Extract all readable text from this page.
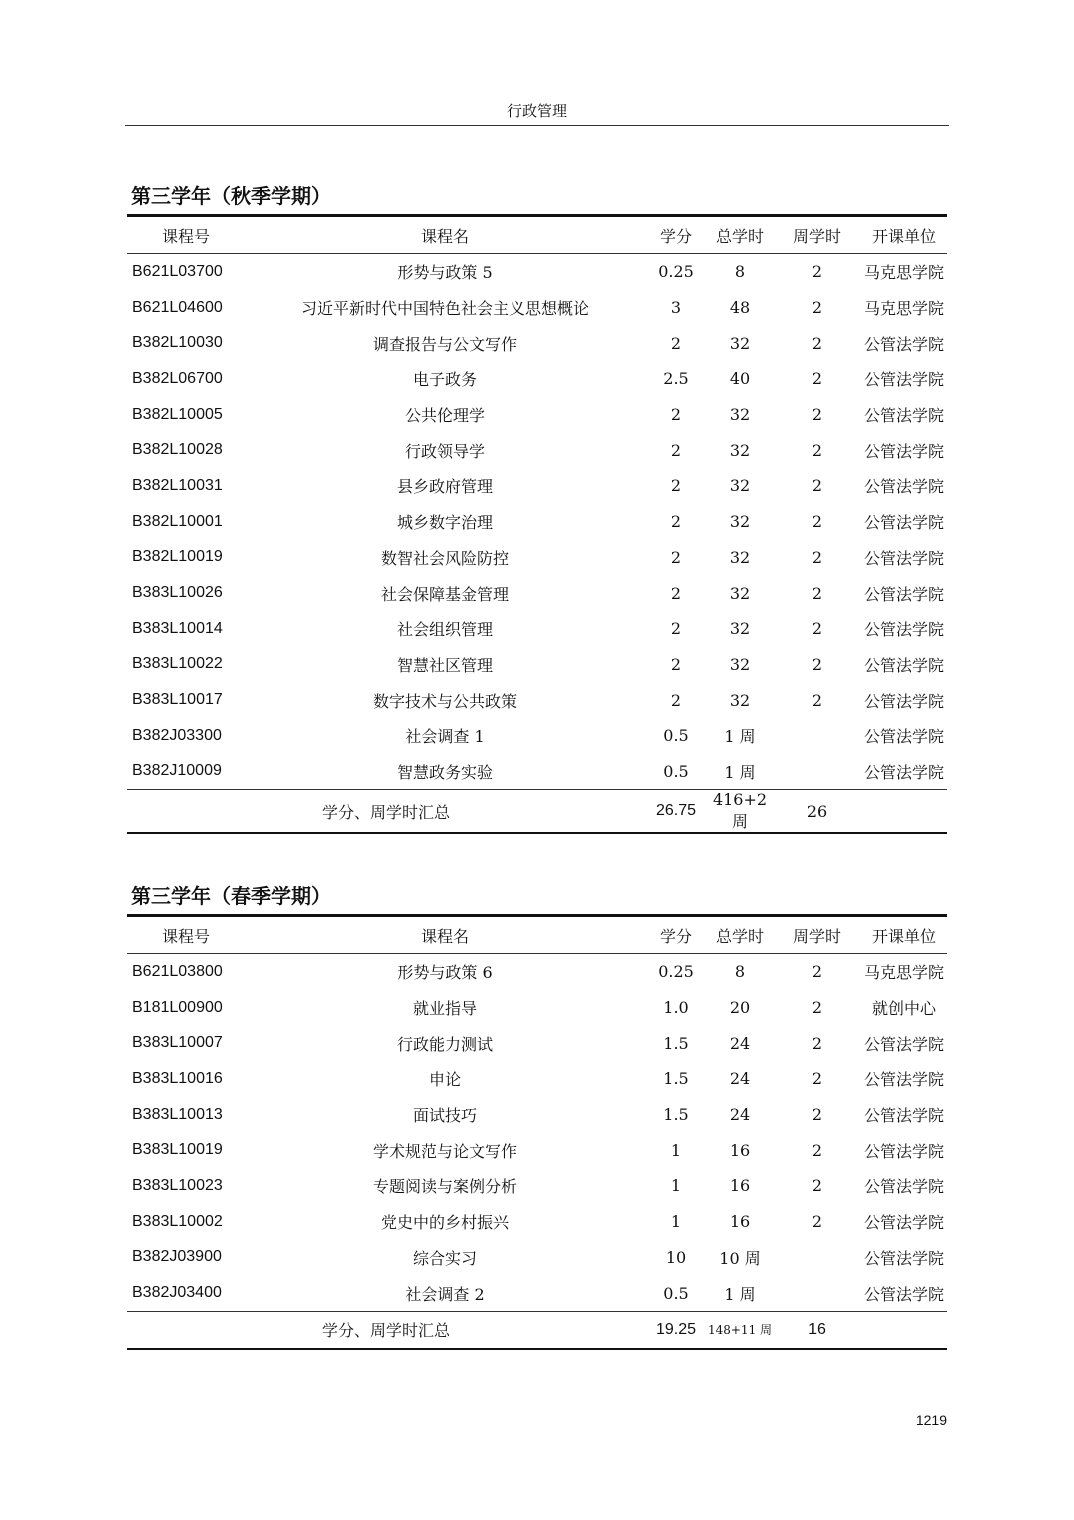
行政管理
第三学年（秋季学期）
课程号	课程名	学分	总学时	周学时	开课单位
B621L03700	形势与政策 5	0.25	8	2	马克思学院
B621L04600	习近平新时代中国特色社会主义思想概论	3	48	2	马克思学院
B382L10030	调查报告与公文写作	2	32	2	公管法学院
B382L06700	电子政务	2.5	40	2	公管法学院
B382L10005	公共伦理学	2	32	2	公管法学院
B382L10028	行政领导学	2	32	2	公管法学院
B382L10031	县乡政府管理	2	32	2	公管法学院
B382L10001	城乡数字治理	2	32	2	公管法学院
B382L10019	数智社会风险防控	2	32	2	公管法学院
B383L10026	社会保障基金管理	2	32	2	公管法学院
B383L10014	社会组织管理	2	32	2	公管法学院
B383L10022	智慧社区管理	2	32	2	公管法学院
B383L10017	数字技术与公共政策	2	32	2	公管法学院
B382J03300	社会调查 1	0.5	1 周		公管法学院
B382J10009	智慧政务实验	0.5	1 周		公管法学院
学分、周学时汇总		26.75	416+2 周	26	
第三学年（春季学期）
课程号	课程名	学分	总学时	周学时	开课单位
B621L03800	形势与政策 6	0.25	8	2	马克思学院
B181L00900	就业指导	1.0	20	2	就创中心
B383L10007	行政能力测试	1.5	24	2	公管法学院
B383L10016	申论	1.5	24	2	公管法学院
B383L10013	面试技巧	1.5	24	2	公管法学院
B383L10019	学术规范与论文写作	1	16	2	公管法学院
B383L10023	专题阅读与案例分析	1	16	2	公管法学院
B383L10002	党史中的乡村振兴	1	16	2	公管法学院
B382J03900	综合实习	10	10 周		公管法学院
B382J03400	社会调查 2	0.5	1 周		公管法学院
学分、周学时汇总		19.25	148+11 周	16	
1219
